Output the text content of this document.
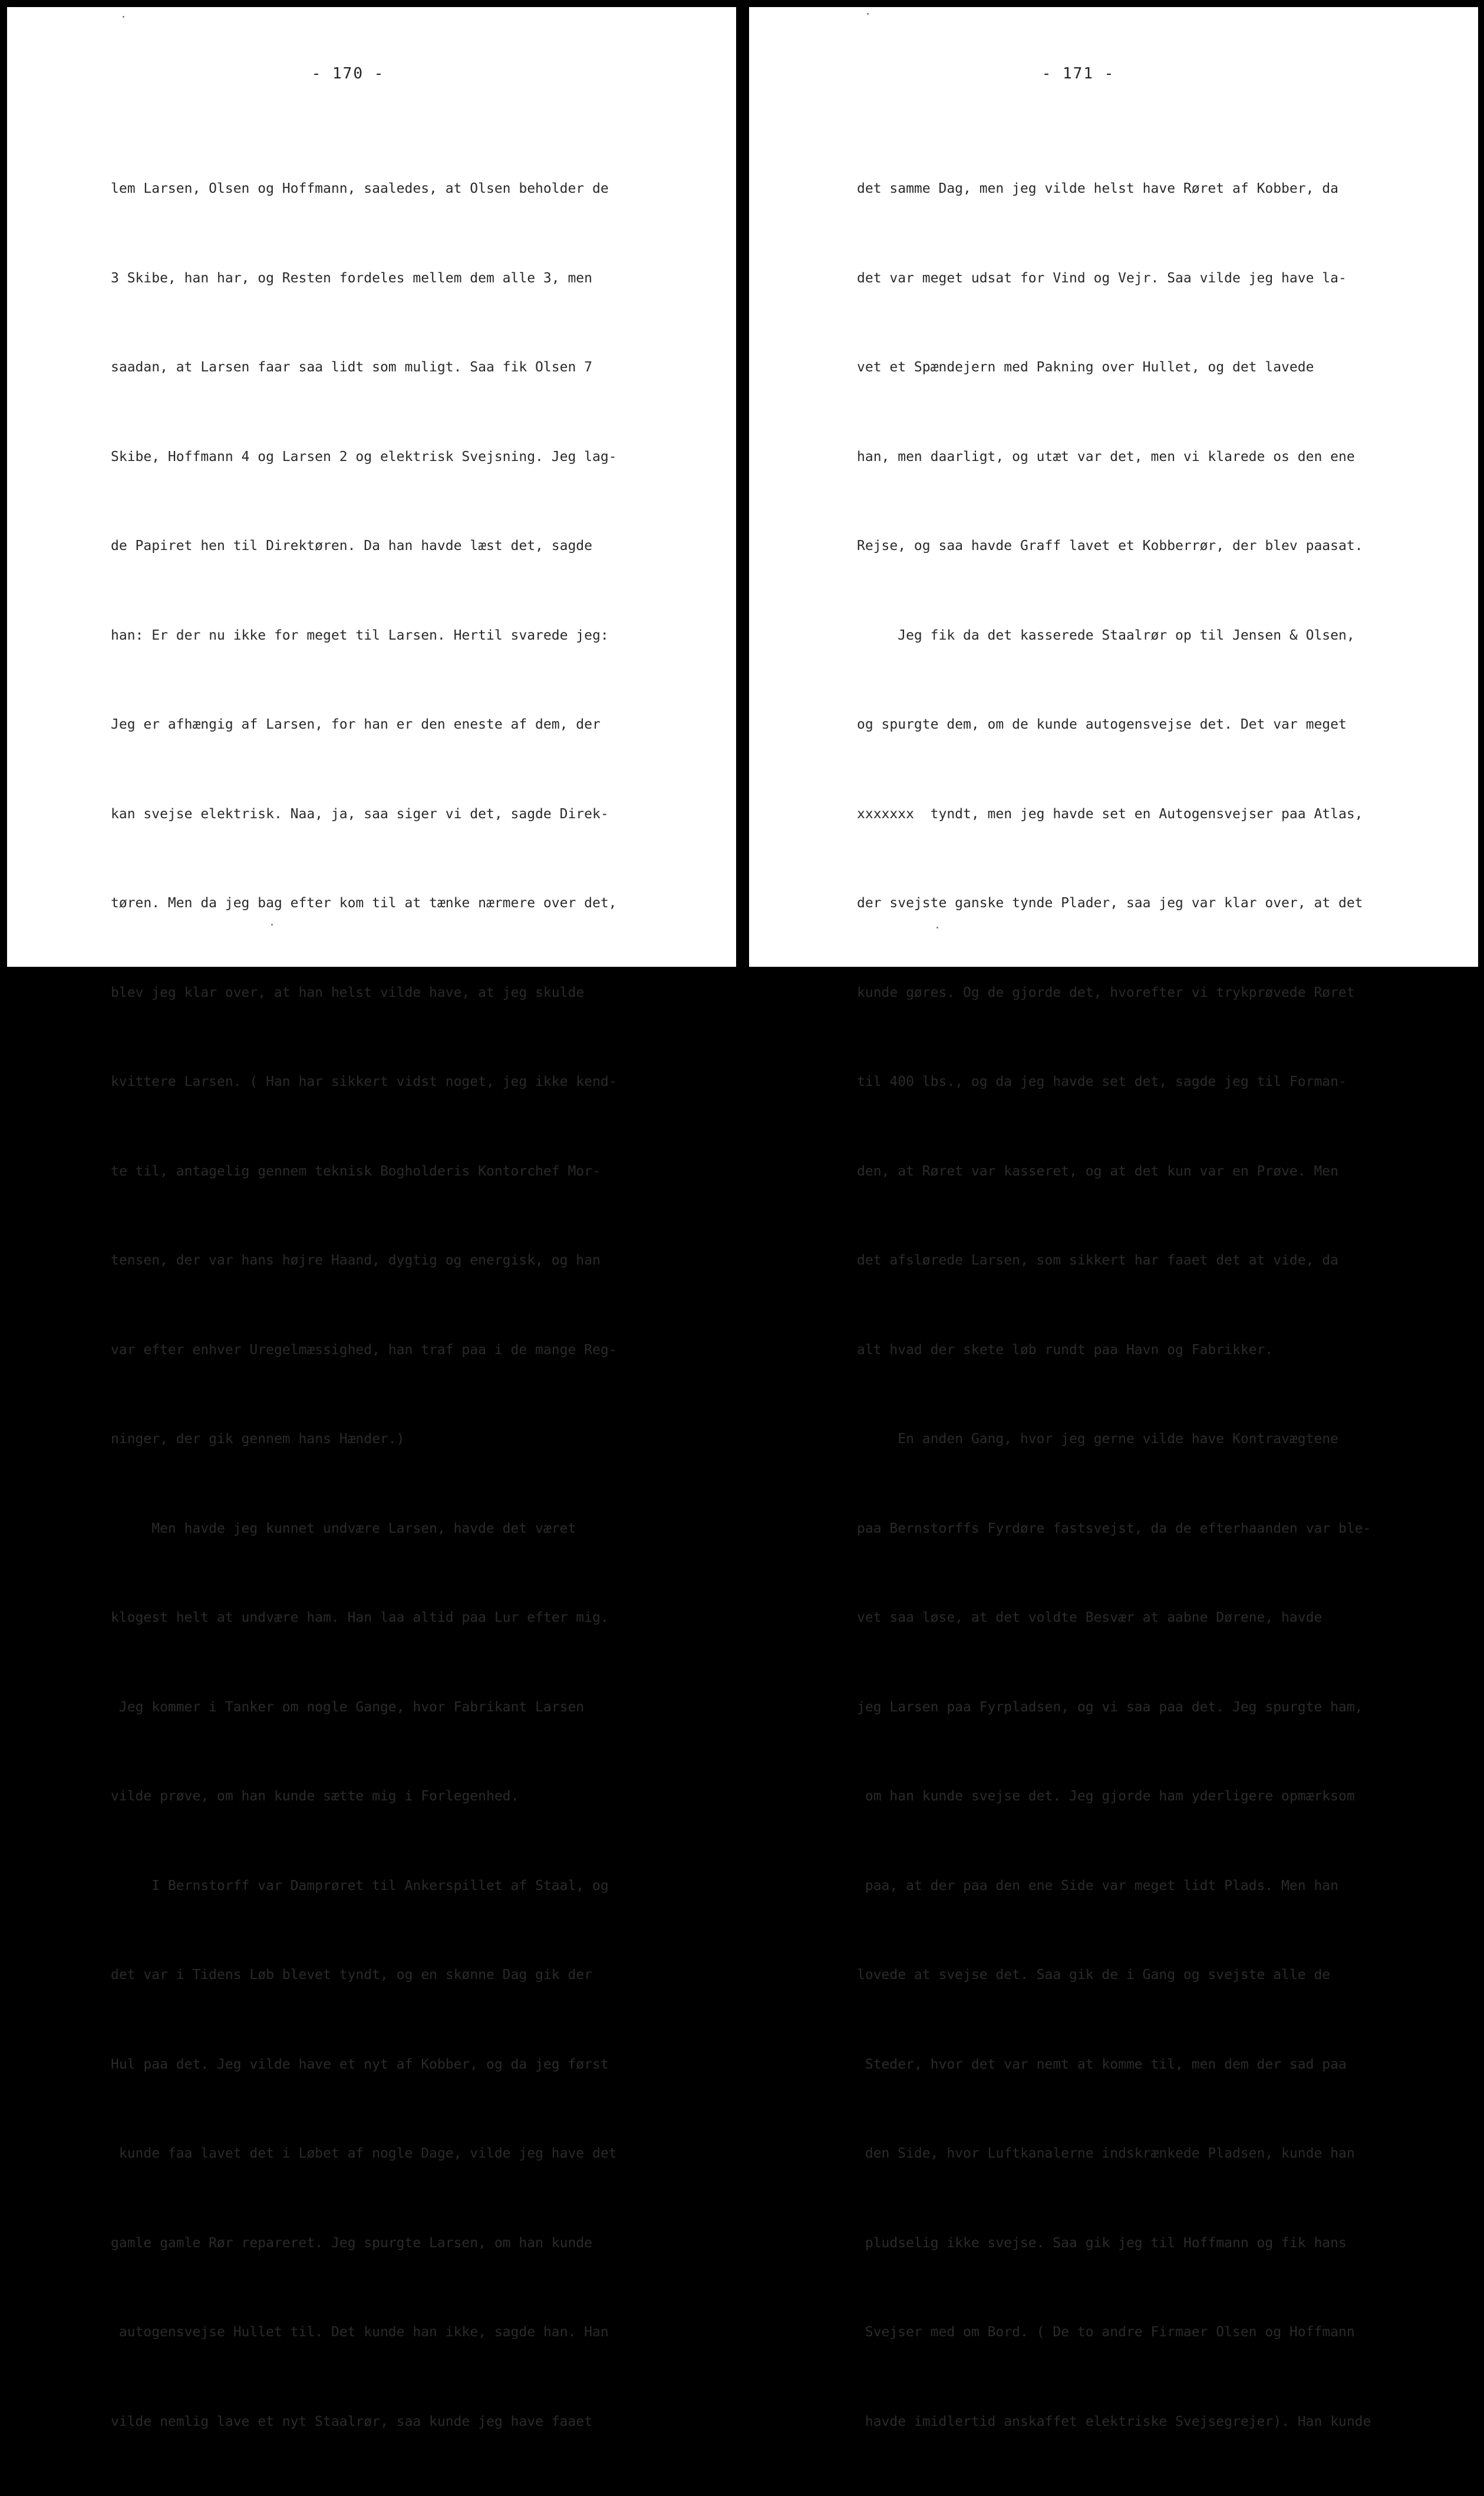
- 170 -

lem Larsen, Olsen og Hoffmann, saaledes, at Olsen beholder de

3 Skibe, han har, og Resten fordeles mellem dem alle 3, men

saadan, at Larsen faar saa lidt som muligt. Saa fik Olsen 7

Skibe, Hoffmann 4 og Larsen 2 og elektrisk Svejsning. Jeg lag-

de Papiret hen til Direktøren. Da han havde læst det, sagde

han: Er der nu ikke for meget til Larsen. Hertil svarede jeg:

Jeg er afhængig af Larsen, for han er den eneste af dem, der

kan svejse elektrisk. Naa, ja, saa siger vi det, sagde Direk-

tøren. Men da jeg bag efter kom til at tænke nærmere over det,

blev jeg klar over, at han helst vilde have, at jeg skulde

kvittere Larsen. ( Han har sikkert vidst noget, jeg ikke kend-

te til, antagelig gennem teknisk Bogholderis Kontorchef Mor-

tensen, der var hans højre Haand, dygtig og energisk, og han

var efter enhver Uregelmæssighed, han traf paa i de mange Reg-

ninger, der gik gennem hans Hænder.)

Men havde jeg kunnet undvære Larsen, havde det været

klogest helt at undvære ham. Han laa altid paa Lur efter mig.

Jeg kommer i Tanker om nogle Gange, hvor Fabrikant Larsen

vilde prøve, om han kunde sætte mig i Forlegenhed.

I Bernstorff var Damprøret til Ankerspillet af Staal, og

det var i Tidens Løb blevet tyndt, og en skønne Dag gik der

Hul paa det. Jeg vilde have et nyt af Kobber, og da jeg først

kunde faa lavet det i Løbet af nogle Dage, vilde jeg have det

gamle gamle Rør repareret. Jeg spurgte Larsen, om han kunde

autogensvejse Hullet til. Det kunde han ikke, sagde han. Han

vilde nemlig lave et nyt Staalrør, saa kunde jeg have faaet

- 171 -

det samme Dag, men jeg vilde helst have Røret af Kobber, da

det var meget udsat for Vind og Vejr. Saa vilde jeg have la-

vet et Spændejern med Pakning over Hullet, og det lavede

han, men daarligt, og utæt var det, men vi klarede os den ene

Rejse, og saa havde Graff lavet et Kobberrør, der blev paasat.

Jeg fik da det kasserede Staalrør op til Jensen & Olsen,

og spurgte dem, om de kunde autogensvejse det. Det var meget

xxxxxxx  tyndt, men jeg havde set en Autogensvejser paa Atlas,

der svejste ganske tynde Plader, saa jeg var klar over, at det

kunde gøres. Og de gjorde det, hvorefter vi trykprøvede Røret

til 400 lbs., og da jeg havde set det, sagde jeg til Forman-

den, at Røret var kasseret, og at det kun var en Prøve. Men

det afslørede Larsen, som sikkert har faaet det at vide, da

alt hvad der skete løb rundt paa Havn og Fabrikker.

En anden Gang, hvor jeg gerne vilde have Kontravægtene

paa Bernstorffs Fyrdøre fastsvejst, da de efterhaanden var ble-

vet saa løse, at det voldte Besvær at aabne Dørene, havde

jeg Larsen paa Fyrpladsen, og vi saa paa det. Jeg spurgte ham,

om han kunde svejse det. Jeg gjorde ham yderligere opmærksom

paa, at der paa den ene Side var meget lidt Plads. Men han

lovede at svejse det. Saa gik de i Gang og svejste alle de

Steder, hvor det var nemt at komme til, men dem der sad paa

den Side, hvor Luftkanalerne indskrænkede Pladsen, kunde han

pludselig ikke svejse. Saa gik jeg til Hoffmann og fik hans

Svejser med om Bord. ( De to andre Firmaer Olsen og Hoffmann

havde imidlertid anskaffet elektriske Svejsegrejer). Han kunde
